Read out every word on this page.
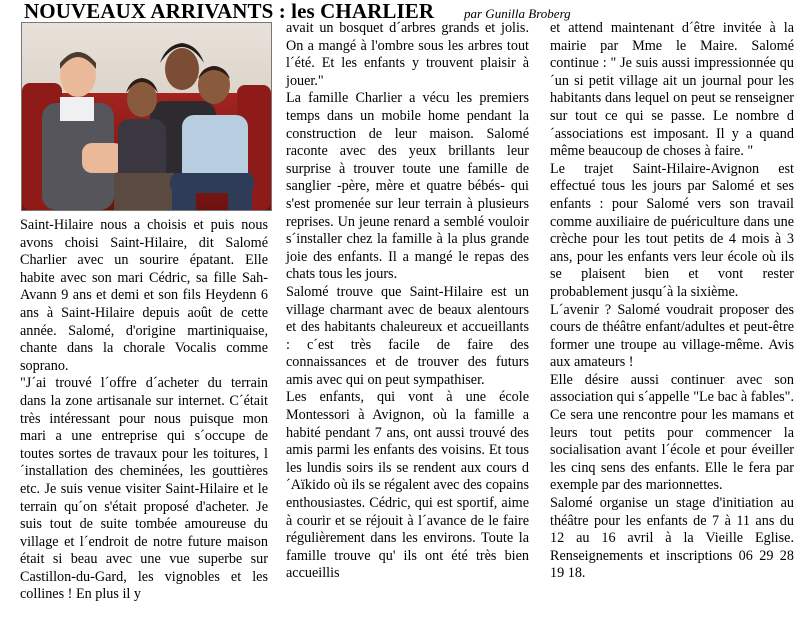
NOUVEAUX ARRIVANTS : les CHARLIER par Gunilla Broberg

Saint-Hilaire nous a choisis et puis nous avons choisi Saint-Hilaire, dit Salomé Charlier avec un sourire épatant. Elle habite avec son mari Cédric, sa fille Sah-Avann 9 ans et demi et son fils Heydenn 6 ans à Saint-Hilaire depuis août de cette année. Salomé, d'origine martiniquaise, chante dans la chorale Vocalis comme soprano.

"J´ai trouvé l´offre d´acheter du terrain dans la zone artisanale sur internet. C´était très intéressant pour nous puisque mon mari a une entreprise qui s´occupe de toutes sortes de travaux pour les toitures, l´installation des cheminées, les gouttières etc. Je suis venue visiter Saint-Hilaire et le terrain qu´on s'était proposé d'acheter. Je suis tout de suite tombée amoureuse du village et l´endroit de notre future maison était si beau avec une vue superbe sur Castillon-du-Gard, les vignobles et les collines ! En plus il y

avait un bosquet d´arbres grands et jolis. On a mangé à l'ombre sous les arbres tout l´été. Et les enfants y trouvent plaisir à jouer."

La famille Charlier a vécu les premiers temps dans un mobile home pendant la construction de leur maison. Salomé raconte avec des yeux brillants leur surprise à trouver toute une famille de sanglier -père, mère et quatre bébés- qui s'est promenée sur leur terrain à plusieurs reprises. Un jeune renard a semblé vouloir s´installer chez la famille à la plus grande joie des enfants. Il a mangé le repas des chats tous les jours.

Salomé trouve que Saint-Hilaire est un village charmant avec de beaux alentours et des habitants chaleureux et accueillants : c´est très facile de faire des connaissances et de trouver des futurs amis avec qui on peut sympathiser.

Les enfants, qui vont à une école Montessori à Avignon, où la famille a habité pendant 7 ans, ont aussi trouvé des amis parmi les enfants des voisins. Et tous les lundis soirs ils se rendent aux cours d´Aïkido où ils se régalent avec des copains enthousiastes. Cédric, qui est sportif, aime à courir et se réjouit à l´avance de le faire régulièrement dans les environs. Toute la famille trouve qu' ils ont été très bien accueillis

et attend maintenant d´être invitée à la mairie par Mme le Maire. Salomé continue : " Je suis aussi impressionnée qu´un si petit village ait un journal pour les habitants dans lequel on peut se renseigner sur tout ce qui se passe. Le nombre d´associations est imposant. Il y a quand même beaucoup de choses à faire. "

Le trajet Saint-Hilaire-Avignon est effectué tous les jours par Salomé et ses enfants : pour Salomé vers son travail comme auxiliaire de puériculture dans une crèche pour les tout petits de 4 mois à 3 ans, pour les enfants vers leur école où ils se plaisent bien et vont rester probablement jusqu´à la sixième.

L´avenir ? Salomé voudrait proposer des cours de théâtre enfant/adultes et peut-être former une troupe au village-même. Avis aux amateurs !

Elle désire aussi continuer avec son association qui s´appelle "Le bac à fables". Ce sera une rencontre pour les mamans et leurs tout petits pour commencer la socialisation avant l´école et pour éveiller les cinq sens des enfants. Elle le fera par exemple par des marionnettes.

Salomé organise un stage d'initiation au théâtre pour les enfants de 7 à 11 ans du 12 au 16 avril à la Vieille Eglise. Renseignements et inscriptions 06 29 28 19 18.
